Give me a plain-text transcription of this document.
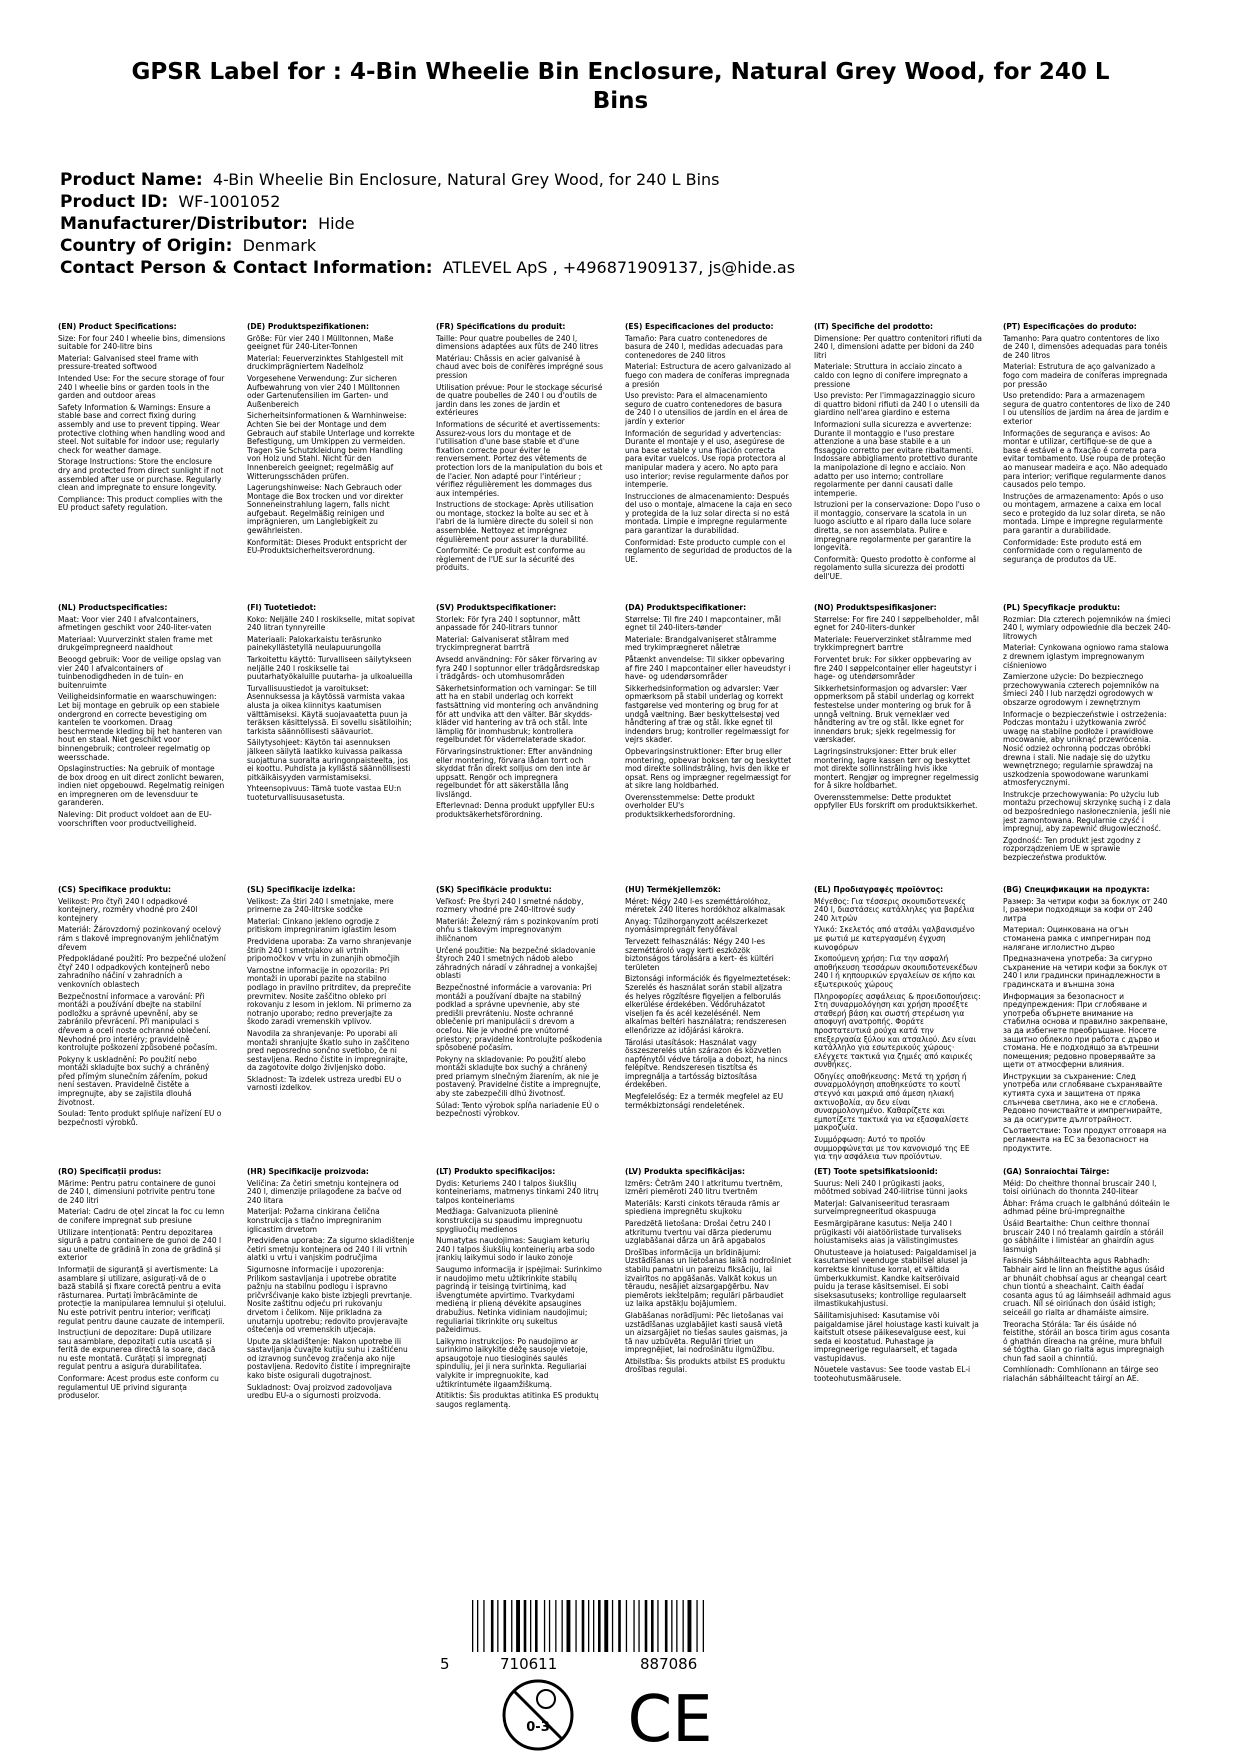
GPSR Label for : 4-Bin Wheelie Bin Enclosure, Natural Grey Wood, for 240 L Bins
Product Name: 4-Bin Wheelie Bin Enclosure, Natural Grey Wood, for 240 L Bins
Product ID: WF-1001052
Manufacturer/Distributor: Hide
Country of Origin: Denmark
Contact Person & Contact Information: ATLEVEL ApS , +496871909137, js@hide.as

(EN) Product Specifications:

Size: For four 240 l wheelie bins, dimensions suitable for 240-litre bins

Material: Galvanised steel frame with pressure-treated softwood

Intended Use: For the secure storage of four 240 l wheelie bins or garden tools in the garden and outdoor areas

Safety Information & Warnings: Ensure a stable base and correct fixing during assembly and use to prevent tipping. Wear protective clothing when handling wood and steel. Not suitable for indoor use; regularly check for weather damage.

Storage Instructions: Store the enclosure dry and protected from direct sunlight if not assembled after use or purchase. Regularly clean and impregnate to ensure longevity.

Compliance: This product complies with the EU product safety regulation.

(DE) Produktspezifikationen:

Größe: Für vier 240 l Mülltonnen, Maße geeignet für 240-Liter-Tonnen

Material: Feuerverzinktes Stahlgestell mit druckimprägniertem Nadelholz

Vorgesehene Verwendung: Zur sicheren Aufbewahrung von vier 240 l Mülltonnen oder Gartenutensilien im Garten- und Außenbereich

Sicherheitsinformationen & Warnhinweise: Achten Sie bei der Montage und dem Gebrauch auf stabile Unterlage und korrekte Befestigung, um Umkippen zu vermeiden. Tragen Sie Schutzkleidung beim Handling von Holz und Stahl. Nicht für den Innenbereich geeignet; regelmäßig auf Witterungsschäden prüfen.

Lagerungshinweise: Nach Gebrauch oder Montage die Box trocken und vor direkter Sonneneinstrahlung lagern, falls nicht aufgebaut. Regelmäßig reinigen und imprägnieren, um Langlebigkeit zu gewährleisten.

Konformität: Dieses Produkt entspricht der EU-Produktsicherheitsverordnung.

(FR) Spécifications du produit:

Taille: Pour quatre poubelles de 240 l, dimensions adaptées aux fûts de 240 litres

Matériau: Châssis en acier galvanisé à chaud avec bois de conifères imprégné sous pression

Utilisation prévue: Pour le stockage sécurisé de quatre poubelles de 240 l ou d'outils de jardin dans les zones de jardin et extérieures

Informations de sécurité et avertissements: Assurez-vous lors du montage et de l'utilisation d'une base stable et d'une fixation correcte pour éviter le renversement. Portez des vêtements de protection lors de la manipulation du bois et de l'acier. Non adapté pour l'intérieur ; vérifiez régulièrement les dommages dus aux intempéries.

Instructions de stockage: Après utilisation ou montage, stockez la boîte au sec et à l'abri de la lumière directe du soleil si non assemblée. Nettoyez et imprégnez régulièrement pour assurer la durabilité.

Conformité: Ce produit est conforme au règlement de l'UE sur la sécurité des produits.

(ES) Especificaciones del producto:

Tamaño: Para cuatro contenedores de basura de 240 l, medidas adecuadas para contenedores de 240 litros

Material: Estructura de acero galvanizado al fuego con madera de coníferas impregnada a presión

Uso previsto: Para el almacenamiento seguro de cuatro contenedores de basura de 240 l o utensilios de jardín en el área de jardín y exterior

Información de seguridad y advertencias: Durante el montaje y el uso, asegúrese de una base estable y una fijación correcta para evitar vuelcos. Use ropa protectora al manipular madera y acero. No apto para uso interior; revise regularmente daños por intemperie.

Instrucciones de almacenamiento: Después del uso o montaje, almacene la caja en seco y protegida de la luz solar directa si no está montada. Limpie e impregne regularmente para garantizar la durabilidad.

Conformidad: Este producto cumple con el reglamento de seguridad de productos de la UE.

(IT) Specifiche del prodotto:

Dimensione: Per quattro contenitori rifiuti da 240 l, dimensioni adatte per bidoni da 240 litri

Materiale: Struttura in acciaio zincato a caldo con legno di conifere impregnato a pressione

Uso previsto: Per l'immagazzinaggio sicuro di quattro bidoni rifiuti da 240 l o utensili da giardino nell'area giardino e esterna

Informazioni sulla sicurezza e avvertenze: Durante il montaggio e l'uso prestare attenzione a una base stabile e a un fissaggio corretto per evitare ribaltamenti. Indossare abbigliamento protettivo durante la manipolazione di legno e acciaio. Non adatto per uso interno; controllare regolarmente per danni causati dalle intemperie.

Istruzioni per la conservazione: Dopo l'uso o il montaggio, conservare la scatola in un luogo asciutto e al riparo dalla luce solare diretta, se non assemblata. Pulire e impregnare regolarmente per garantire la longevità.

Conformità: Questo prodotto è conforme al regolamento sulla sicurezza dei prodotti dell'UE.

(PT) Especificações do produto:

Tamanho: Para quatro contentores de lixo de 240 l, dimensões adequadas para tonéis de 240 litros

Material: Estrutura de aço galvanizado a fogo com madeira de coníferas impregnada por pressão

Uso pretendido: Para a armazenagem segura de quatro contentores de lixo de 240 l ou utensílios de jardim na área de jardim e exterior

Informações de segurança e avisos: Ao montar e utilizar, certifique-se de que a base é estável e a fixação é correta para evitar tombamento. Use roupa de proteção ao manusear madeira e aço. Não adequado para interior; verifique regularmente danos causados pelo tempo.

Instruções de armazenamento: Após o uso ou montagem, armazene a caixa em local seco e protegido da luz solar direta, se não montada. Limpe e impregne regularmente para garantir a durabilidade.

Conformidade: Este produto está em conformidade com o regulamento de segurança de produtos da UE.

(NL) Productspecificaties:

Maat: Voor vier 240 l afvalcontainers, afmetingen geschikt voor 240-liter-vaten

Materiaal: Vuurverzinkt stalen frame met drukgeïmpregneerd naaldhout

Beoogd gebruik: Voor de veilige opslag van vier 240 l afvalcontainers of tuinbenodigdheden in de tuin- en buitenruimte

Veiligheidsinformatie en waarschuwingen: Let bij montage en gebruik op een stabiele ondergrond en correcte bevestiging om kantelen te voorkomen. Draag beschermende kleding bij het hanteren van hout en staal. Niet geschikt voor binnengebruik; controleer regelmatig op weersschade.

Opslaginstructies: Na gebruik of montage de box droog en uit direct zonlicht bewaren, indien niet opgebouwd. Regelmatig reinigen en impregneren om de levensduur te garanderen.

Naleving: Dit product voldoet aan de EU-voorschriften voor productveiligheid.

(FI) Tuotetiedot:

Koko: Neljälle 240 l roskikselle, mitat sopivat 240 litran tynnyreille

Materiaali: Palokarkaistu teräsrunko painekyllästetyllä neulapuurungolla

Tarkoitettu käyttö: Turvalliseen säilytykseen neljälle 240 l roskikselle tai puutarhatyökaluille puutarha- ja ulkoalueilla

Turvallisuustiedot ja varoitukset: Asennuksessa ja käytössä varmista vakaa alusta ja oikea kiinnitys kaatumisen välttämiseksi. Käytä suojavaatetta puun ja teräksen käsittelyssä. Ei sovellu sisätiloihin; tarkista säännöllisesti säävauriot.

Säilytysohjeet: Käytön tai asennuksen jälkeen säilytä laatikko kuivassa paikassa suojattuna suoralta auringonpaisteelta, jos ei koottu. Puhdista ja kyllästä säännöllisesti pitkäikäisyyden varmistamiseksi.

Yhteensopivuus: Tämä tuote vastaa EU:n tuoteturvallisuusasetusta.

(SV) Produktspecifikationer:

Storlek: För fyra 240 l soptunnor, mått anpassade för 240-litrars tunnor

Material: Galvaniserat stålram med tryckimpregnerat barrträ

Avsedd användning: För säker förvaring av fyra 240 l soptunnor eller trädgårdsredskap i trädgårds- och utomhusområden

Säkerhetsinformation och varningar: Se till att ha en stabil underlag och korrekt fastsättning vid montering och användning för att undvika att den välter. Bär skydds-kläder vid hantering av trä och stål. Inte lämplig för inomhusbruk; kontrollera regelbundet för väderrelaterade skador.

Förvaringsinstruktioner: Efter användning eller montering, förvara lådan torrt och skyddat från direkt solljus om den inte är uppsatt. Rengör och impregnera regelbundet för att säkerställa lång livslängd.

Efterlevnad: Denna produkt uppfyller EU:s produktsäkerhetsförordning.

(DA) Produktspecifikationer:

Størrelse: Til fire 240 l mapcontainer, mål egnet til 240-liters-tønder

Materiale: Brandgalvaniseret stålramme med trykimprægneret nåletræ

Påtænkt anvendelse: Til sikker opbevaring af fire 240 l mapcontainer eller haveudstyr i have- og udendørsområder

Sikkerhedsinformation og advarsler: Vær opmærksom på stabil underlag og korrekt fastgørelse ved montering og brug for at undgå væltning. Bær beskyttelsestøj ved håndtering af træ og stål. Ikke egnet til indendørs brug; kontroller regelmæssigt for vejrs skader.

Opbevaringsinstruktioner: Efter brug eller montering, opbevar boksen tør og beskyttet mod direkte sollindstråling, hvis den ikke er opsat. Rens og imprægner regelmæssigt for at sikre lang holdbarhed.

Overensstemmelse: Dette produkt overholder EU's produktsikkerhedsforordning.

(NO) Produktspesifikasjoner:

Størrelse: For fire 240 l søppelbeholder, mål egnet for 240-liters-dunker

Materiale: Feuerverzinket stålramme med trykkimpregnert barrtre

Forventet bruk: For sikker oppbevaring av fire 240 l søppelcontainer eller hageutstyr i hage- og utendørsområder

Sikkerhetsinformasjon og advarsler: Vær oppmerksom på stabil underlag og korrekt festestelse under montering og bruk for å unngå veltning. Bruk verneklær ved håndtering av tre og stål. Ikke egnet for innendørs bruk; sjekk regelmessig for værskader.

Lagringsinstruksjoner: Etter bruk eller montering, lagre kassen tørr og beskyttet mot direkte sollinnstråling hvis ikke montert. Rengjør og impregner regelmessig for å sikre holdbarhet.

Overensstemmelse: Dette produktet oppfyller EUs forskrift om produktsikkerhet.

(PL) Specyfikacje produktu:

Rozmiar: Dla czterech pojemników na śmieci 240 l, wymiary odpowiednie dla beczek 240-litrowych

Materiał: Cynkowana ogniowo rama stalowa z drewnem iglastym impregnowanym ciśnieniowo

Zamierzone użycie: Do bezpiecznego przechowywania czterech pojemników na śmieci 240 l lub narzędzi ogrodowych w obszarze ogrodowym i zewnętrznym

Informacje o bezpieczeństwie i ostrzeżenia: Podczas montażu i użytkowania zwróć uwagę na stabilne podłoże i prawidłowe mocowanie, aby uniknąć przewrócenia. Nosić odzież ochronną podczas obróbki drewna i stali. Nie nadaje się do użytku wewnętrznego; regularnie sprawdzaj na uszkodzenia spowodowane warunkami atmosferycznymi.

Instrukcje przechowywania: Po użyciu lub montażu przechowuj skrzynkę suchą i z dala od bezpośredniego nasłonecznienia, jeśli nie jest zamontowana. Regularnie czyść i impregnuj, aby zapewnić długowieczność.

Zgodność: Ten produkt jest zgodny z rozporządzeniem UE w sprawie bezpieczeństwa produktów.

(CS) Specifikace produktu:

Velikost: Pro čtyři 240 l odpadkové kontejnery, rozměry vhodné pro 240l kontejnery

Materiál: Žárovzdorný pozinkovaný ocelový rám s tlakově impregnovaným jehličnatým dřevem

Předpokládané použití: Pro bezpečné uložení čtyř 240 l odpadkových kontejnerů nebo zahradního náčiní v zahradních a venkovních oblastech

Bezpečnostní informace a varování: Při montáži a používání dbejte na stabilní podložku a správné upevnění, aby se zabránilo převrácení. Při manipulaci s dřevem a ocelí noste ochranné oblečení. Nevhodné pro interiéry; pravidelně kontrolujte poškození způsobené počasím.

Pokyny k uskladnění: Po použití nebo montáži skladujte box suchý a chráněný před přímým slunečním zářením, pokud není sestaven. Pravidelně čistěte a impregnujte, aby se zajistila dlouhá životnost.

Soulad: Tento produkt splňuje nařízení EU o bezpečnosti výrobků.

(SL) Specifikacije izdelka:

Velikost: Za štiri 240 l smetnjake, mere primerne za 240-litrske sodčke

Material: Cinkano jekleno ogrodje z pritiskom impregniranim iglastim lesom

Predvidena uporaba: Za varno shranjevanje štirih 240 l smetnjakov ali vrtnih pripomočkov v vrtu in zunanjih območjih

Varnostne informacije in opozorila: Pri montaži in uporabi pazite na stabilno podlago in pravilno pritrditev, da preprečite prevrnitev. Nosite zaščitno obleko pri rokovanju z lesom in jeklom. Ni primerno za notranjo uporabo; redno preverjajte za škodo zaradi vremenskih vplivov.

Navodila za shranjevanje: Po uporabi ali montaži shranjujte škatlo suho in zaščiteno pred neposredno sončno svetlobo, če ni sestavljena. Redno čistite in impregnirajte, da zagotovite dolgo življenjsko dobo.

Skladnost: Ta izdelek ustreza uredbi EU o varnosti izdelkov.

(SK) Špecifikácie produktu:

Veľkosť: Pre štyri 240 l smetné nádoby, rozmery vhodné pre 240-litrové sudy

Materiál: Železný rám s pozinkovaním proti ohňu s tlakovým impregnovaným ihličnanom

Určené použitie: Na bezpečné skladovanie štyroch 240 l smetných nádob alebo záhradných náradí v záhradnej a vonkajšej oblasti

Bezpečnostné informácie a varovania: Pri montáži a používaní dbajte na stabilný podklad a správne upevnenie, aby ste predišli prevráteniu. Noste ochranné oblečenie pri manipulácii s drevom a oceľou. Nie je vhodné pre vnútorné priestory; pravidelne kontrolujte poškodenia spôsobené počasím.

Pokyny na skladovanie: Po použití alebo montáži skladujte box suchý a chránený pred priamym slnečným žiarením, ak nie je postavený. Pravidelne čistite a impregnujte, aby ste zabezpečili dlhú životnosť.

Súlad: Tento výrobok spĺňa nariadenie EÚ o bezpečnosti výrobkov.

(HU) Termékjellemzők:

Méret: Négy 240 l-es szeméttárolóhoz, méretek 240 literes hordókhoz alkalmasak

Anyag: Tűzihorganyzott acélszerkezet nyomásimpregnált fenyőfával

Tervezett felhasználás: Négy 240 l-es szeméttároló vagy kerti eszközök biztonságos tárolására a kert- és kültéri területen

Biztonsági információk és figyelmeztetések: Szerelés és használat során stabil aljzatra és helyes rögzítésre figyeljen a felborulás elkerülése érdekében. Védőruházatot viseljen fa és acél kezelésénél. Nem alkalmas beltéri használatra; rendszeresen ellenőrizze az időjárási károkra.

Tárolási utasítások: Használat vagy összeszerelés után szárazon és közvetlen napfénytől védve tárolja a dobozt, ha nincs felépítve. Rendszeresen tisztítsa és impregnálja a tartósság biztosítása érdekében.

Megfelelőség: Ez a termék megfelel az EU termékbiztonsági rendeletének.

(EL) Προδιαγραφές προϊόντος:

Μέγεθος: Για τέσσερις σκουπιδοτενεκές 240 l, διαστάσεις κατάλληλες για βαρέλια 240 λιτρών

Υλικό: Σκελετός από ατσάλι γαλβανισμένο με φωτιά με κατεργασμένη έγχυση κωνοφόρων

Σκοπούμενη χρήση: Για την ασφαλή αποθήκευση τεσσάρων σκουπιδοτενεκέδων 240 l ή κηπουρικών εργαλείων σε κήπο και εξωτερικούς χώρους

Πληροφορίες ασφάλειας & προειδοποιήσεις: Στη συναρμολόγηση και χρήση προσέξτε σταθερή βάση και σωστή στερέωση για αποφυγή ανατροπής. Φοράτε προστατευτικά ρούχα κατά την επεξεργασία ξύλου και ατσαλιού. Δεν είναι κατάλληλο για εσωτερικούς χώρους· ελέγχετε τακτικά για ζημιές από καιρικές συνθήκες.

Οδηγίες αποθήκευσης: Μετά τη χρήση ή συναρμολόγηση αποθηκεύστε το κουτί στεγνό και μακριά από άμεση ηλιακή ακτινοβολία, αν δεν είναι συναρμολογημένο. Καθαρίζετε και εμποτίζετε τακτικά για να εξασφαλίσετε μακροζωία.

Συμμόρφωση: Αυτό το προϊόν συμμορφώνεται με τον κανονισμό της ΕΕ για την ασφάλεια των προϊόντων.

(BG) Спецификации на продукта:

Размер: За четири кофи за боклук от 240 l, размери подходящи за кофи от 240 литра

Материал: Оцинкована на огън стоманена рамка с импрегниран под налягане иглолистно дърво

Предназначена употреба: За сигурно съхранение на четири кофи за боклук от 240 l или градински принадлежности в градинската и външна зона

Информация за безопасност и предупреждения: При сглобяване и употреба обърнете внимание на стабилна основа и правилно закрепване, за да избегнете преобръщане. Носете защитно облекло при работа с дърво и стомана. Не е подходящо за вътрешни помещения; редовно проверявайте за щети от атмосферни влияния.

Инструкции за съхранение: След употреба или сглобяване съхранявайте кутията суха и защитена от пряка слънчева светлина, ако не е сглобена. Редовно почиствайте и импрегнирайте, за да осигурите дълготрайност.

Съответствие: Този продукт отговаря на регламента на ЕС за безопасност на продуктите.

(RO) Specificații produs:

Mărime: Pentru patru containere de gunoi de 240 l, dimensiuni potrivite pentru tone de 240 litri

Material: Cadru de oțel zincat la foc cu lemn de conifere impregnat sub presiune

Utilizare intenționată: Pentru depozitarea sigură a patru containere de gunoi de 240 l sau unelte de grădină în zona de grădină și exterior

Informații de siguranță și avertismente: La asamblare și utilizare, asigurați-vă de o bază stabilă și fixare corectă pentru a evita răsturnarea. Purtați îmbrăcăminte de protecție la manipularea lemnului și oțelului. Nu este potrivit pentru interior; verificați regulat pentru daune cauzate de intemperii.

Instrucțiuni de depozitare: După utilizare sau asamblare, depozitați cutia uscată și ferită de expunerea directă la soare, dacă nu este montată. Curățați și impregnați regulat pentru a asigura durabilitatea.

Conformare: Acest produs este conform cu regulamentul UE privind siguranța produselor.

(HR) Specifikacije proizvoda:

Veličina: Za četiri smetnju kontejnera od 240 l, dimenzije prilagođene za bačve od 240 litara

Materijal: Požarna cinkirana čelična konstrukcija s tlačno impregniranim iglicastim drvetom

Predviđena uporaba: Za sigurno skladištenje četiri smetnju kontejnera od 240 l ili vrtnih alatki u vrtu i vanjskim područjima

Sigurnosne informacije i upozorenja: Prilikom sastavljanja i upotrebe obratite pažnju na stabilnu podlogu i ispravno pričvršćivanje kako biste izbjegli prevrtanje. Nosite zaštitnu odjeću pri rukovanju drvetom i čelikom. Nije prikladna za unutarnju upotrebu; redovito provjeravajte oštećenja od vremenskih utjecaja.

Upute za skladištenje: Nakon upotrebe ili sastavljanja čuvajte kutiju suhu i zaštićenu od izravnog sunčevog zračenja ako nije postavljena. Redovito čistite i impregnirajte kako biste osigurali dugotrajnost.

Sukladnost: Ovaj proizvod zadovoljava uredbu EU-a o sigurnosti proizvoda.

(LT) Produkto specifikacijos:

Dydis: Keturiems 240 l talpos šiukšlių konteineriams, matmenys tinkami 240 litrų talpos konteineriams

Medžiaga: Galvanizuota plieninė konstrukcija su spaudimu impregnuotu spygliuočių medienos

Numatytas naudojimas: Saugiam keturių 240 l talpos šiukšlių konteinerių arba sodo įrankių laikymui sodo ir lauko zonoje

Saugumo informacija ir įspėjimai: Surinkimo ir naudojimo metu užtikrinkite stabilų pagrindą ir teisingą tvirtinimą, kad išvengtumėte apvirtimo. Tvarkydami medieną ir plieną dėvėkite apsaugines drabužius. Netinka vidiniam naudojimui; reguliariai tikrinkite orų sukeltus pažeidimus.

Laikymo instrukcijos: Po naudojimo ar surinkimo laikykite dėžę sausoje vietoje, apsaugotoje nuo tiesioginės saulės spindulių, jei ji nera surinkta. Reguliariai valykite ir impregnuokite, kad užtikrintumėte ilgaamžiškumą.

Atitiktis: Šis produktas atitinka ES produktų saugos reglamentą.

(LV) Produkta specifikācijas:

Izmērs: Četrām 240 l atkritumu tvertnēm, izmēri piemēroti 240 litru tvertnēm

Materiāls: Karsti cinkots tērauda rāmis ar spiediena impregnētu skujkoku

Paredzētā lietošana: Drošai četru 240 l atkritumu tvertņu vai dārza piederumu uzglabāšanai dārza un ārā apgabalos

Drošības informācija un brīdinājumi: Uzstādīšanas un lietošanas laikā nodrošiniet stabilu pamatni un pareizu fiksāciju, lai izvairītos no apgāšanās. Valkāt kokus un tēraudu, nesājiet aizsargapģērbu. Nav piemērots iekštelpām; regulāri pārbaudiet uz laika apstākļu bojājumiem.

Glabāšanas norādījumi: Pēc lietošanas vai uzstādīšanas uzglabājiet kasti sausā vietā un aizsargājiet no tiešas saules gaismas, ja tā nav uzbūvēta. Regulāri tīriet un impregnējiet, lai nodrošinātu ilgmūžību.

Atbilstība: Šis produkts atbilst ES produktu drošības regulai.

(ET) Toote spetsifikatsioonid:

Suurus: Neli 240 l prügikasti jaoks, mõõtmed sobivad 240-liitrise tünni jaoks

Materjal: Galvaniseeritud terasraam surveimpregneeritud okaspuuga

Eesmärgipärane kasutus: Nelja 240 l prügikasti või aiatööriistade turvaliseks hoiustamiseks aias ja välistingimustes

Ohutusteave ja hoiatused: Paigaldamisel ja kasutamisel veenduge stabiilsel alusel ja korrektse kinnituse korral, et vältida ümberkukkumist. Kandke kaitserõivaid puidu ja terase käsitsemisel. Ei sobi siseksasutuseks; kontrollige regulaarselt ilmastikukahjustusi.

Säilitamisjuhised: Kasutamise või paigaldamise järel hoiustage kasti kuivalt ja kaitstult otsese päikesevalguse eest, kui seda ei koostatud. Puhastage ja impregneerige regulaarselt, et tagada vastupidavus.

Nõuetele vastavus: See toode vastab EL-i tooteohutusmäärusele.

(GA) Sonraíochtaí Táirge:

Méid: Do cheithre thonnaí bruscair 240 l, toisí oiriúnach do thonnta 240-litear

Ábhar: Fráma cruach le galbhánú dóiteáin le adhmad péine brú-impregnaithe

Úsáid Beartaithe: Chun ceithre thonnaí bruscair 240 l nó trealamh gairdín a stóráil go sábháilte i limistéar an ghairdín agus lasmuigh

Faisnéis Sábháilteachta agus Rabhadh: Tabhair aird le linn an fheistithe agus úsáid ar bhunáit chobhsaí agus ar cheangal ceart chun tiontú a sheachaint. Caith éadaí cosanta agus tú ag láimhseáil adhmaid agus cruach. Níl sé oiriúnach don úsáid istigh; seiceáil go rialta ar dhamáiste aimsire.

Treoracha Stórála: Tar éis úsáide nó feistithe, stóráil an bosca tirim agus cosanta ó ghathán díreacha na gréine, mura bhfuil sé tógtha. Glan go rialta agus impregnaigh chun fad saoil a chinntiú.

Comhlíonadh: Comhlíonann an táirge seo rialachán sábháilteacht táirgí an AE.

5	710611	887086
0-3 CE
